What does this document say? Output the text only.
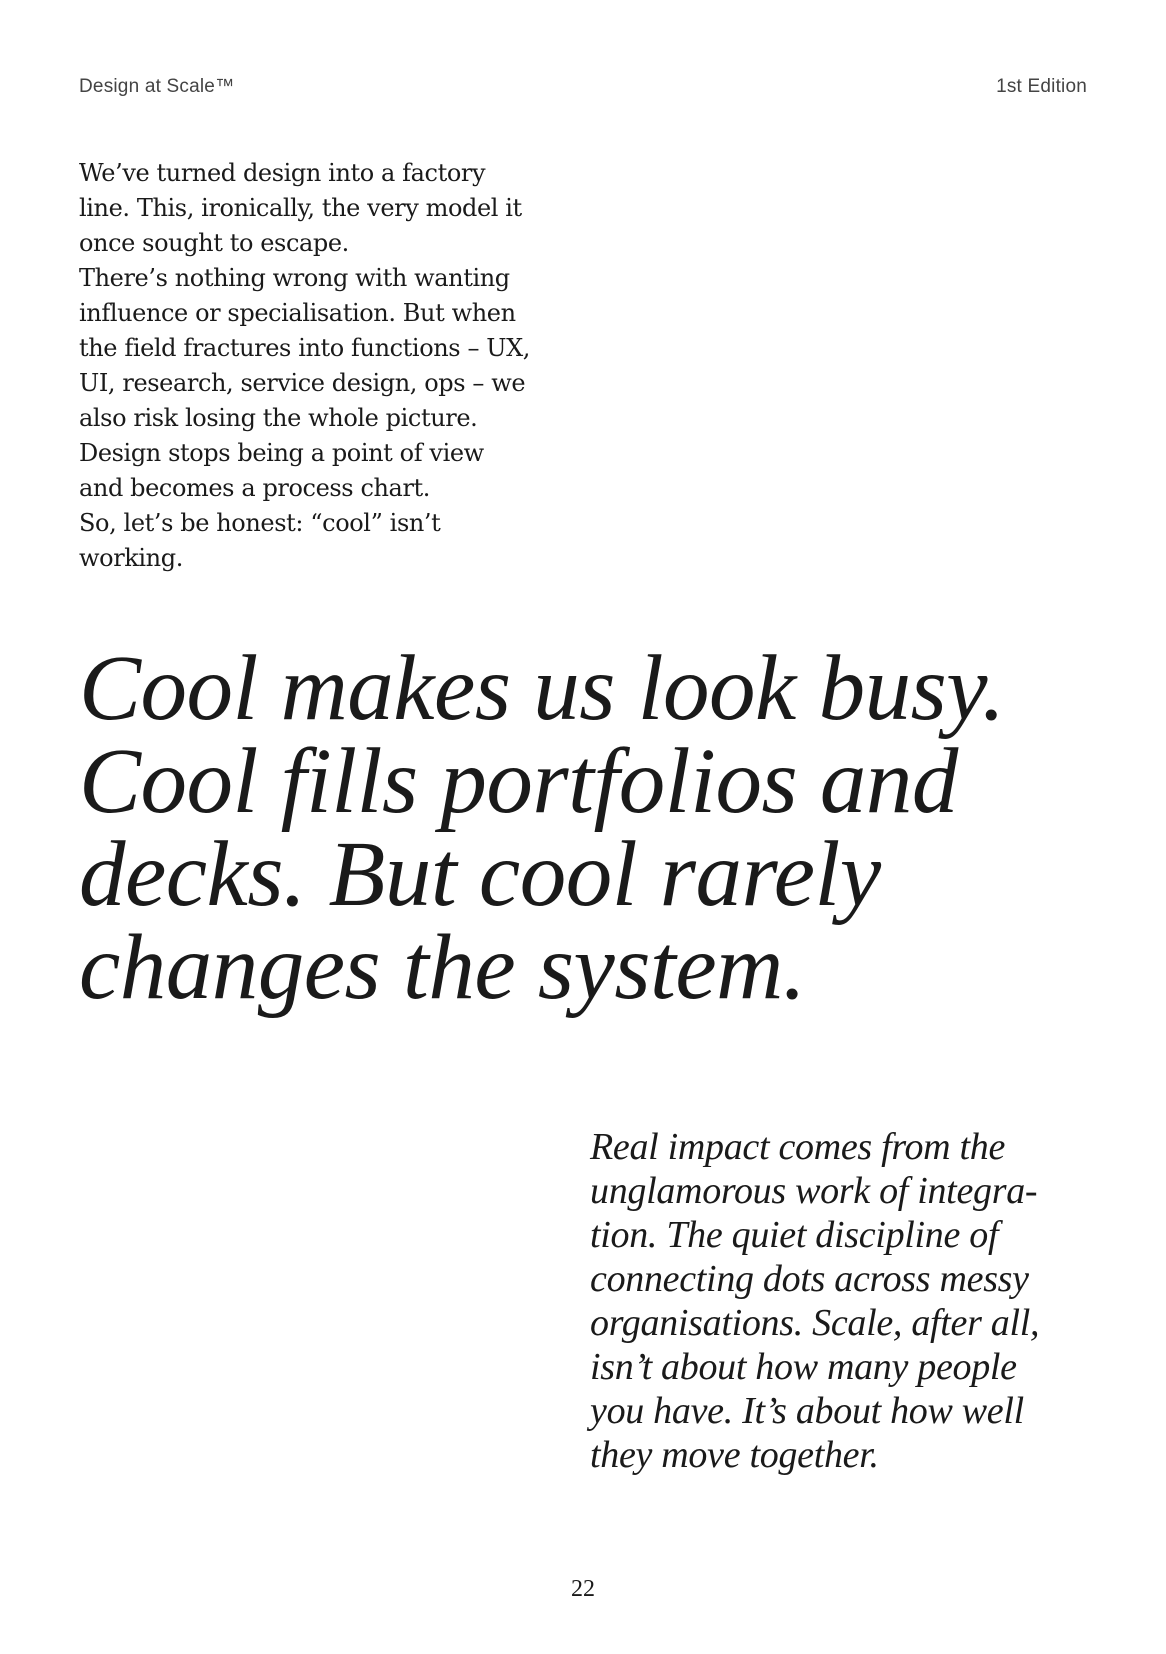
Design at Scale™	1st Edition
We’ve turned design into a factory
line. This, ironically, the very model it
once sought to escape.
There’s nothing wrong with wanting
influence or specialisation. But when
the field fractures into functions – UX,
UI, research, service design, ops – we
also risk losing the whole picture.
Design stops being a point of view
and becomes a process chart.
So, let’s be honest: “cool” isn’t
working.
Cool makes us look busy.
Cool fills portfolios and
decks. But cool rarely
changes the system.
Real impact comes from the
unglamorous work of integra-
tion. The quiet discipline of
connecting dots across messy
organisations. Scale, after all,
isn’t about how many people
you have. It’s about how well
they move together.
22
